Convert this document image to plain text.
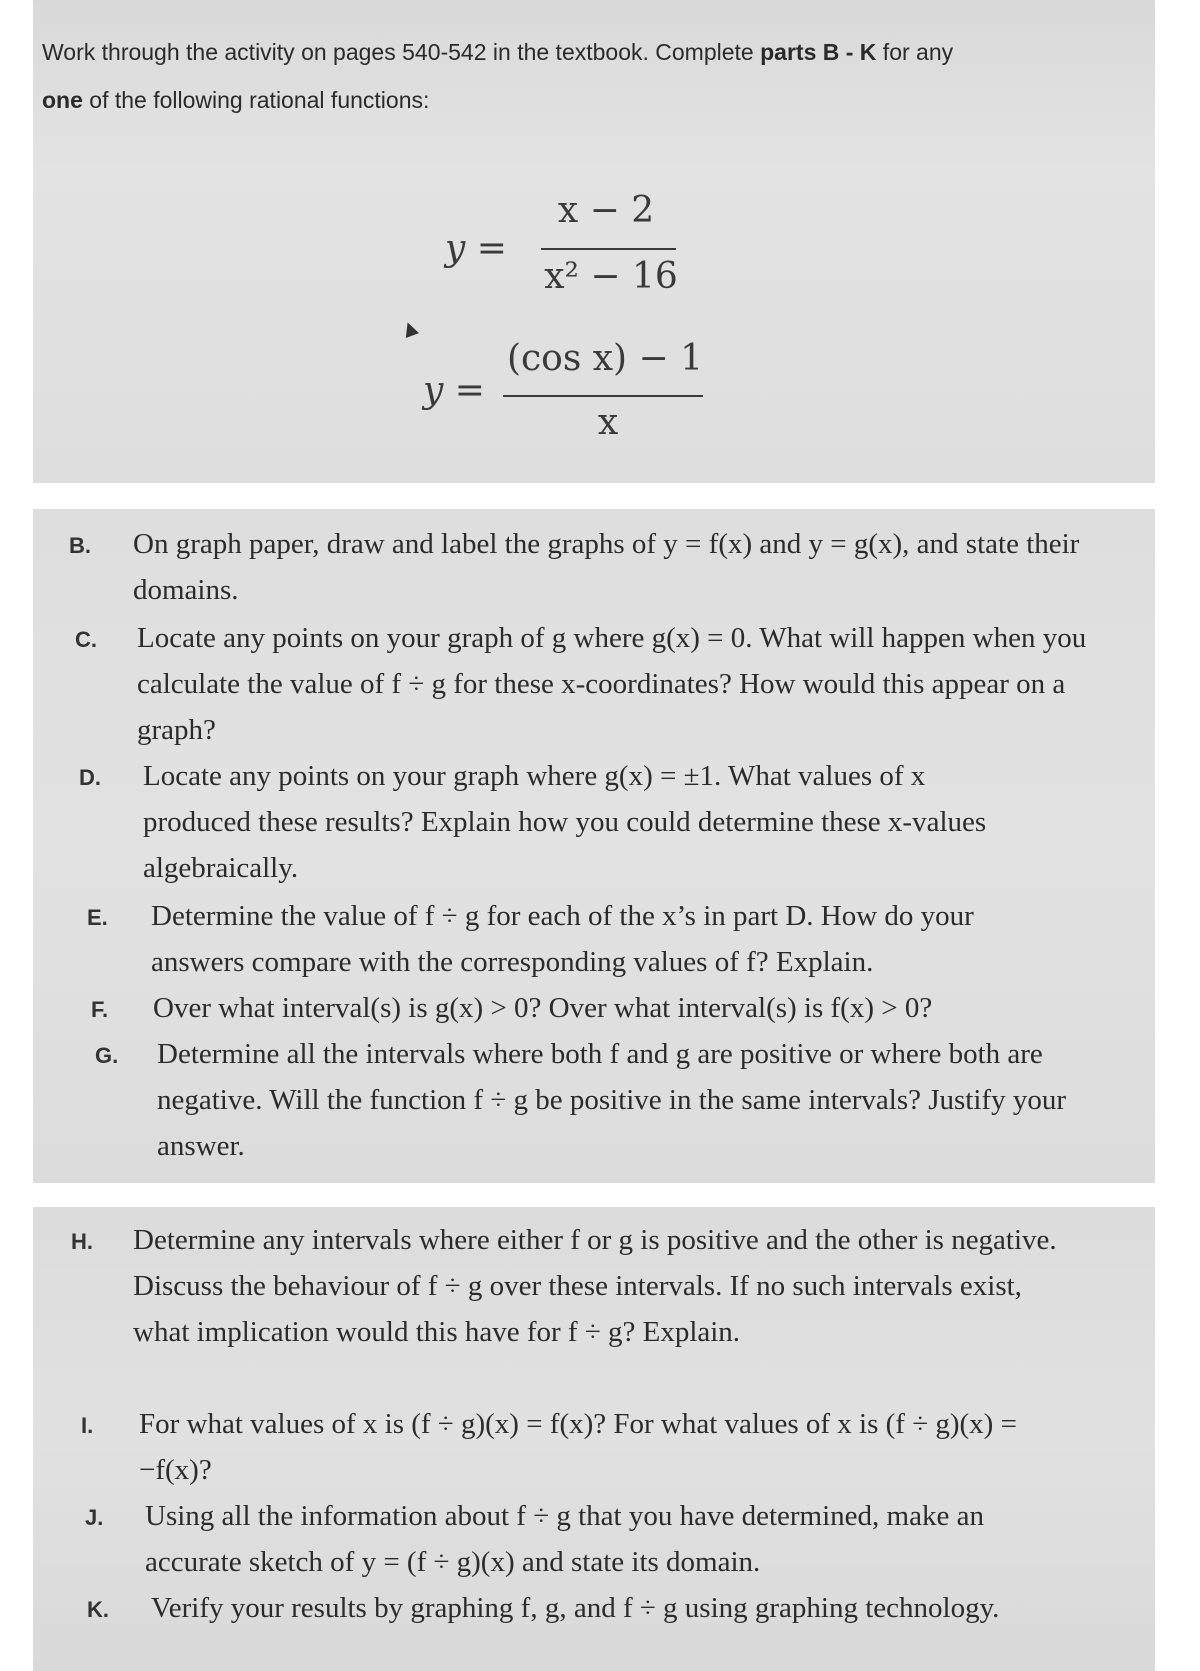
Work through the activity on pages 540-542 in the textbook. Complete parts B - K for any
one of the following rational functions:
y =
x − 2
x² − 16
y =
(cos x) − 1
x
B. On graph paper, draw and label the graphs of y = f(x) and y = g(x), and state their domains.
C. Locate any points on your graph of g where g(x) = 0. What will happen when you calculate the value of f ÷ g for these x-coordinates? How would this appear on a graph?
D. Locate any points on your graph where g(x) = ±1. What values of x produced these results? Explain how you could determine these x-values algebraically.
E. Determine the value of f ÷ g for each of the x’s in part D. How do your answers compare with the corresponding values of f? Explain.
F. Over what interval(s) is g(x) > 0? Over what interval(s) is f(x) > 0?
G. Determine all the intervals where both f and g are positive or where both are negative. Will the function f ÷ g be positive in the same intervals? Justify your answer.
H. Determine any intervals where either f or g is positive and the other is negative. Discuss the behaviour of f ÷ g over these intervals. If no such intervals exist, what implication would this have for f ÷ g? Explain.
I. For what values of x is (f ÷ g)(x) = f(x)? For what values of x is (f ÷ g)(x) = −f(x)?
J. Using all the information about f ÷ g that you have determined, make an accurate sketch of y = (f ÷ g)(x) and state its domain.
K. Verify your results by graphing f, g, and f ÷ g using graphing technology.
